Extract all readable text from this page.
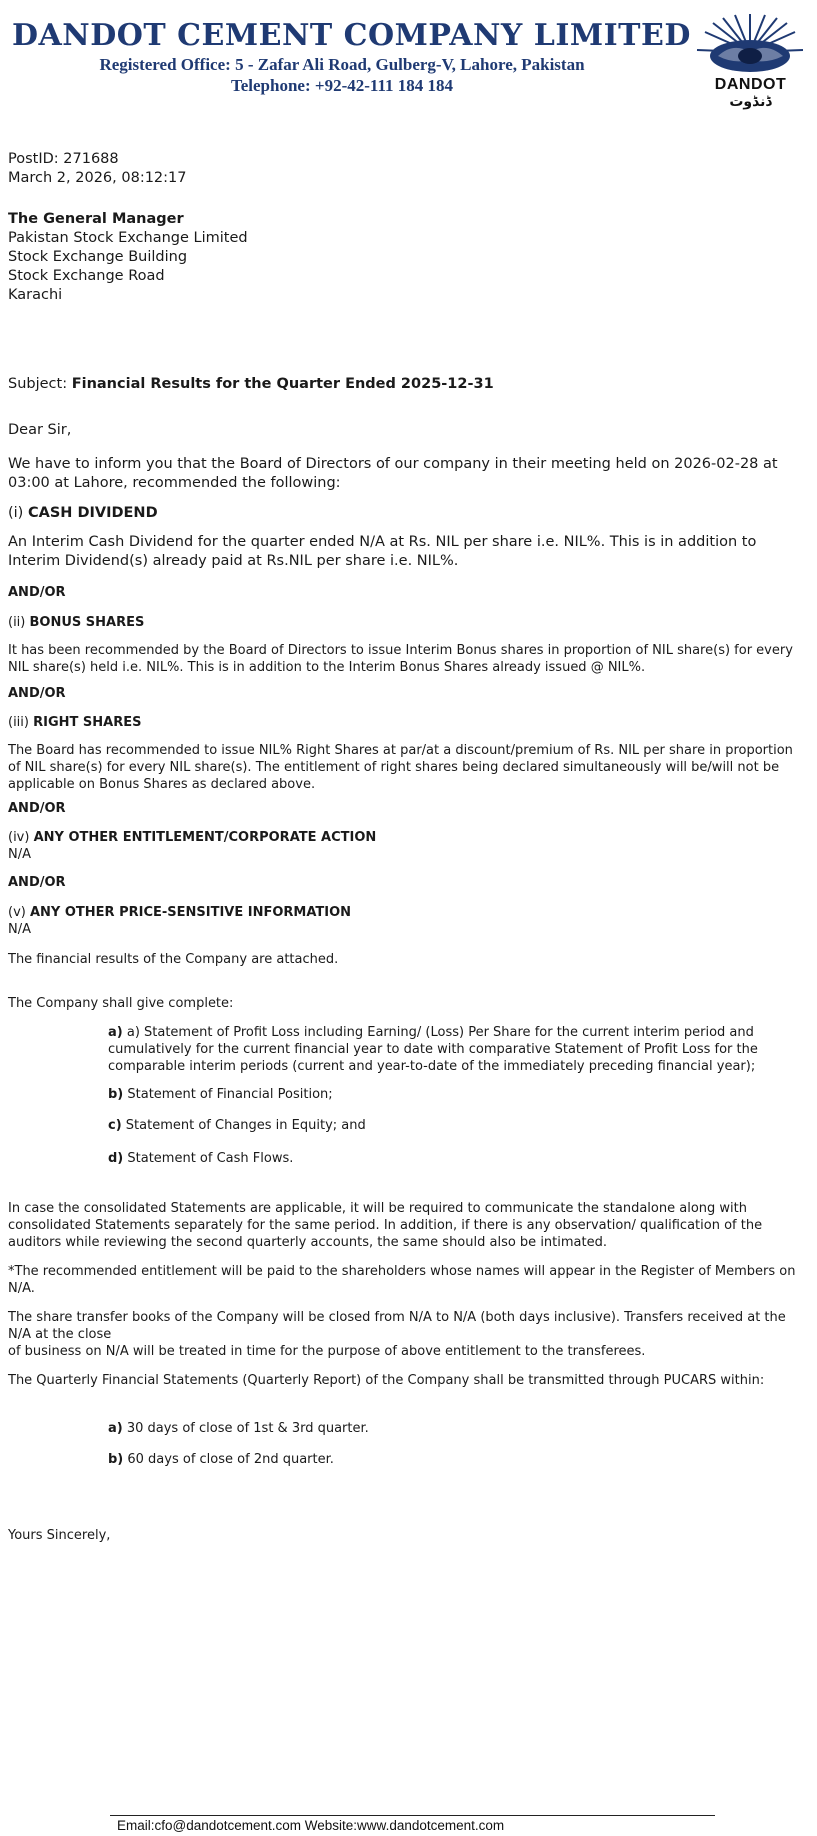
DANDOT CEMENT COMPANY LIMITED
Registered Office: 5 - Zafar Ali Road, Gulberg-V, Lahore, Pakistan
Telephone: +92-42-111 184 184	DANDOT
ڈنڈوت
PostID: 271688
March 2, 2026, 08:12:17
The General Manager
Pakistan Stock Exchange Limited
Stock Exchange Building
Stock Exchange Road
Karachi
Subject: Financial Results for the Quarter Ended 2025-12-31
Dear Sir,
We have to inform you that the Board of Directors of our company in their meeting held on 2026-02-28 at 03:00 at Lahore, recommended the following:
(i) CASH DIVIDEND
An Interim Cash Dividend for the quarter ended N/A at Rs. NIL per share i.e. NIL%. This is in addition to Interim Dividend(s) already paid at Rs.NIL per share i.e. NIL%.
AND/OR
(ii) BONUS SHARES
It has been recommended by the Board of Directors to issue Interim Bonus shares in proportion of NIL share(s) for every NIL share(s) held i.e. NIL%. This is in addition to the Interim Bonus Shares already issued @ NIL%.
AND/OR
(iii) RIGHT SHARES
The Board has recommended to issue NIL% Right Shares at par/at a discount/premium of Rs. NIL per share in proportion of NIL share(s) for every NIL share(s). The entitlement of right shares being declared simultaneously will be/will not be applicable on Bonus Shares as declared above.
AND/OR
(iv) ANY OTHER ENTITLEMENT/CORPORATE ACTION
N/A
AND/OR
(v) ANY OTHER PRICE-SENSITIVE INFORMATION
N/A
The financial results of the Company are attached.
The Company shall give complete:
a) a) Statement of Profit Loss including Earning/ (Loss) Per Share for the current interim period and cumulatively for the current financial year to date with comparative Statement of Profit Loss for the comparable interim periods (current and year-to-date of the immediately preceding financial year);
b) Statement of Financial Position;
c) Statement of Changes in Equity; and
d) Statement of Cash Flows.
In case the consolidated Statements are applicable, it will be required to communicate the standalone along with consolidated Statements separately for the same period. In addition, if there is any observation/ qualification of the auditors while reviewing the second quarterly accounts, the same should also be intimated.
*The recommended entitlement will be paid to the shareholders whose names will appear in the Register of Members on N/A.
The share transfer books of the Company will be closed from N/A to N/A (both days inclusive). Transfers received at the N/A at the close
of business on N/A will be treated in time for the purpose of above entitlement to the transferees.
The Quarterly Financial Statements (Quarterly Report) of the Company shall be transmitted through PUCARS within:
a) 30 days of close of 1st & 3rd quarter.
b) 60 days of close of 2nd quarter.
Yours Sincerely,
Email:cfo@dandotcement.com Website:www.dandotcement.com
